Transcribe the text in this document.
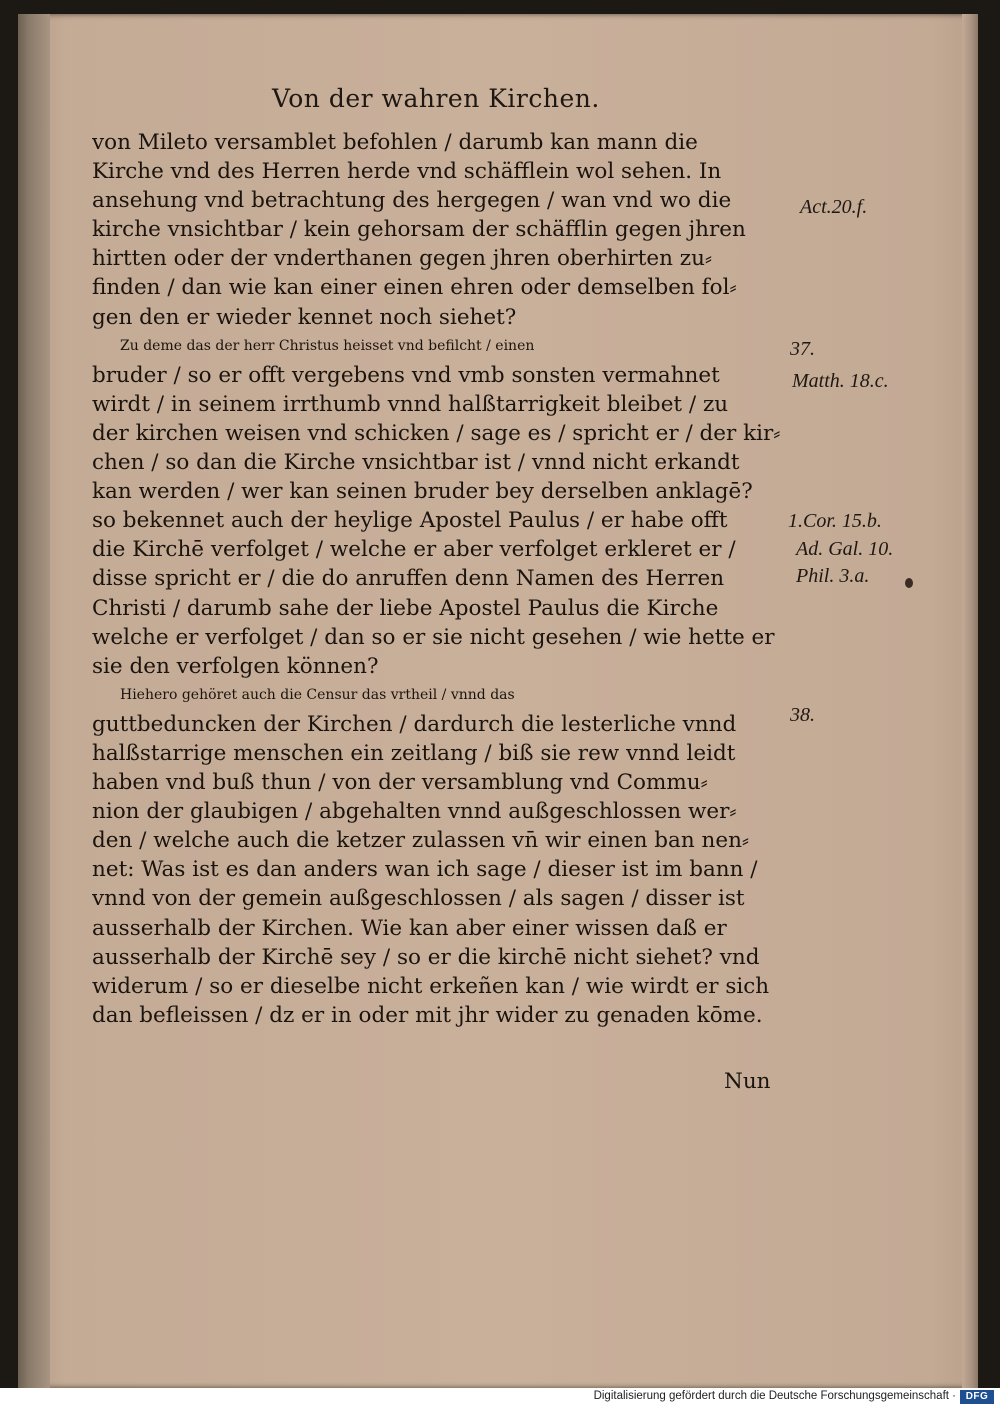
Von der wahren Kirchen.
von Mileto versamblet befohlen / darumb kan mann die
Kirche vnd des Herren herde vnd schäfflein wol sehen. In
ansehung vnd betrachtung des hergegen / wan vnd wo die
kirche vnsichtbar / kein gehorsam der schäfflin gegen jhren
hirtten oder der vnderthanen gegen jhren oberhirten zu⸗
finden / dan wie kan einer einen ehren oder demselben fol⸗
gen den er wieder kennet noch siehet?
Zu deme das der herr Christus heisset vnd befilcht / einen
bruder / so er offt vergebens vnd vmb sonsten vermahnet
wirdt / in seinem irrthumb vnnd halßtarrigkeit bleibet / zu
der kirchen weisen vnd schicken / sage es / spricht er / der kir⸗
chen / so dan die Kirche vnsichtbar ist / vnnd nicht erkandt
kan werden / wer kan seinen bruder bey derselben anklagē?
so bekennet auch der heylige Apostel Paulus / er habe offt
die Kirchē verfolget / welche er aber verfolget erkleret er /
disse spricht er / die do anruffen denn Namen des Herren
Christi / darumb sahe der liebe Apostel Paulus die Kirche
welche er verfolget / dan so er sie nicht gesehen / wie hette er
sie den verfolgen können?
Hiehero gehöret auch die Censur das vrtheil / vnnd das
guttbeduncken der Kirchen / dardurch die lesterliche vnnd
halßstarrige menschen ein zeitlang / biß sie rew vnnd leidt
haben vnd buß thun / von der versamblung vnd Commu⸗
nion der glaubigen / abgehalten vnnd außgeschlossen wer⸗
den / welche auch die ketzer zulassen vn̄ wir einen ban nen⸗
net: Was ist es dan anders wan ich sage / dieser ist im bann /
vnnd von der gemein außgeschlossen / als sagen / disser ist
ausserhalb der Kirchen. Wie kan aber einer wissen daß er
ausserhalb der Kirchē sey / so er die kirchē nicht siehet? vnd
widerum / so er dieselbe nicht erkeñen kan / wie wirdt er sich
dan befleissen / dz er in oder mit jhr wider zu genaden kōme.
Act.20.f.
37.
Matth. 18.c.
1.Cor. 15.b.
Ad. Gal. 10.
Phil. 3.a.
38.
Nun
Digitalisierung gefördert durch die Deutsche Forschungsgemeinschaft · DFG
